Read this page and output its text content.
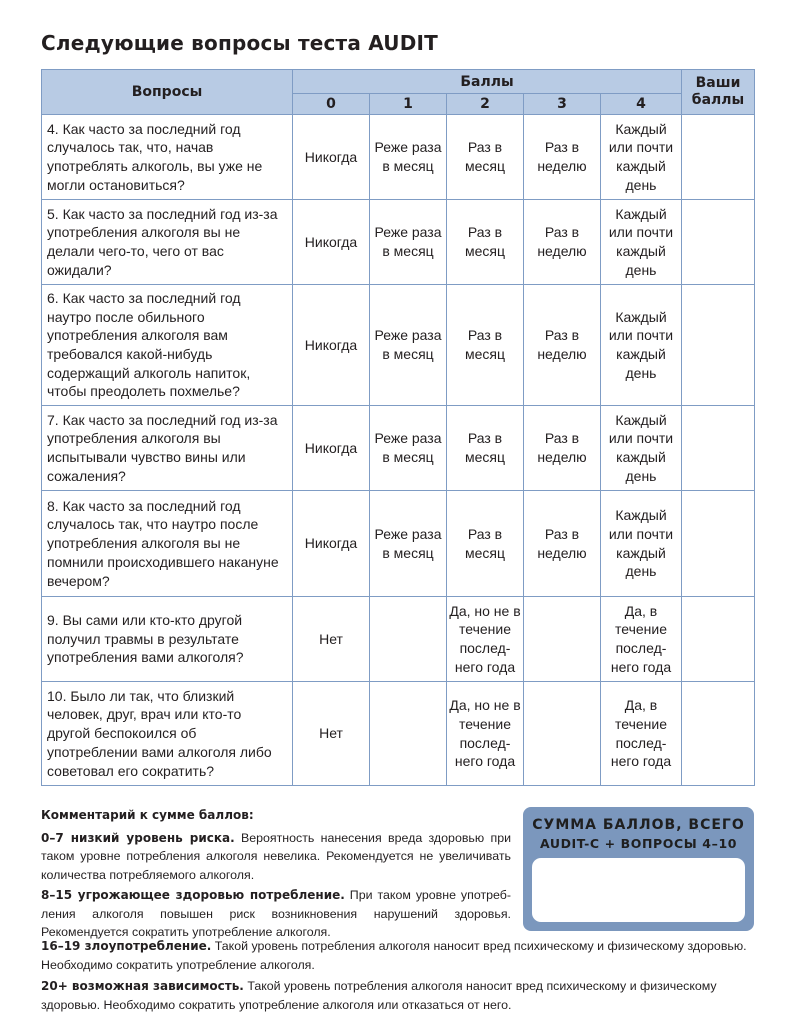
Следующие вопросы теста AUDIT
Вопросы	Баллы					Ваши
баллы
	0	1	2	3	4	
4. Как часто за последний год случалось так, что, начав употреблять алкоголь, вы уже не могли остановиться?	Никогда	Реже раза в месяц	Раз в месяц	Раз в неделю	Каждый или почти каждый день	
5. Как часто за последний год из-за употребления алкоголя вы не делали чего-то, чего от вас ожидали?	Никогда	Реже раза в месяц	Раз в месяц	Раз в неделю	Каждый или почти каждый день	
6. Как часто за последний год наутро после обильного употребления алкоголя вам требовался какой-нибудь содержащий алкоголь напиток, чтобы преодолеть похмелье?	Никогда	Реже раза в месяц	Раз в месяц	Раз в неделю	Каждый или почти каждый день	
7. Как часто за последний год из-за употребления алкоголя вы испытывали чувство вины или сожаления?	Никогда	Реже раза в месяц	Раз в месяц	Раз в неделю	Каждый или почти каждый день	
8. Как часто за последний год случалось так, что наутро после употребления алкоголя вы не помнили происходившего накануне вечером?	Никогда	Реже раза в месяц	Раз в месяц	Раз в неделю	Каждый или почти каждый день	
9. Вы сами или кто-кто другой получил травмы в результате употребления вами алкоголя?	Нет		Да, но не в течение послед-него года		Да, в течение послед-него года	
10. Было ли так, что близкий человек, друг, врач или кто-то другой беспокоился об употреблении вами алкоголя либо советовал его сократить?	Нет		Да, но не в течение послед-него года		Да, в течение послед-него года	

Комментарий к сумме баллов:

0–7 низкий уровень риска. Вероятность нанесения вреда здоровью при таком уровне потребления алкоголя невелика. Рекомендуется не увеличивать количества потребляемого алкоголя.

8–15 угрожающее здоровью потребление. При таком уровне употреб-ления алкоголя повышен риск возникновения нарушений здоровья. Рекомендуется сократить употребление алкоголя.

16–19 злоупотребление. Такой уровень потребления алкоголя наносит вред психическому и физическому здоровью. Необходимо сократить употребление алкоголя.

20+ возможная зависимость. Такой уровень потребления алкоголя наносит вред психическому и физическому здоровью. Необходимо сократить употребление алкоголя или отказаться от него.

СУММА БАЛЛОВ, ВСЕГО
AUDIT-C + ВОПРОСЫ 4–10
